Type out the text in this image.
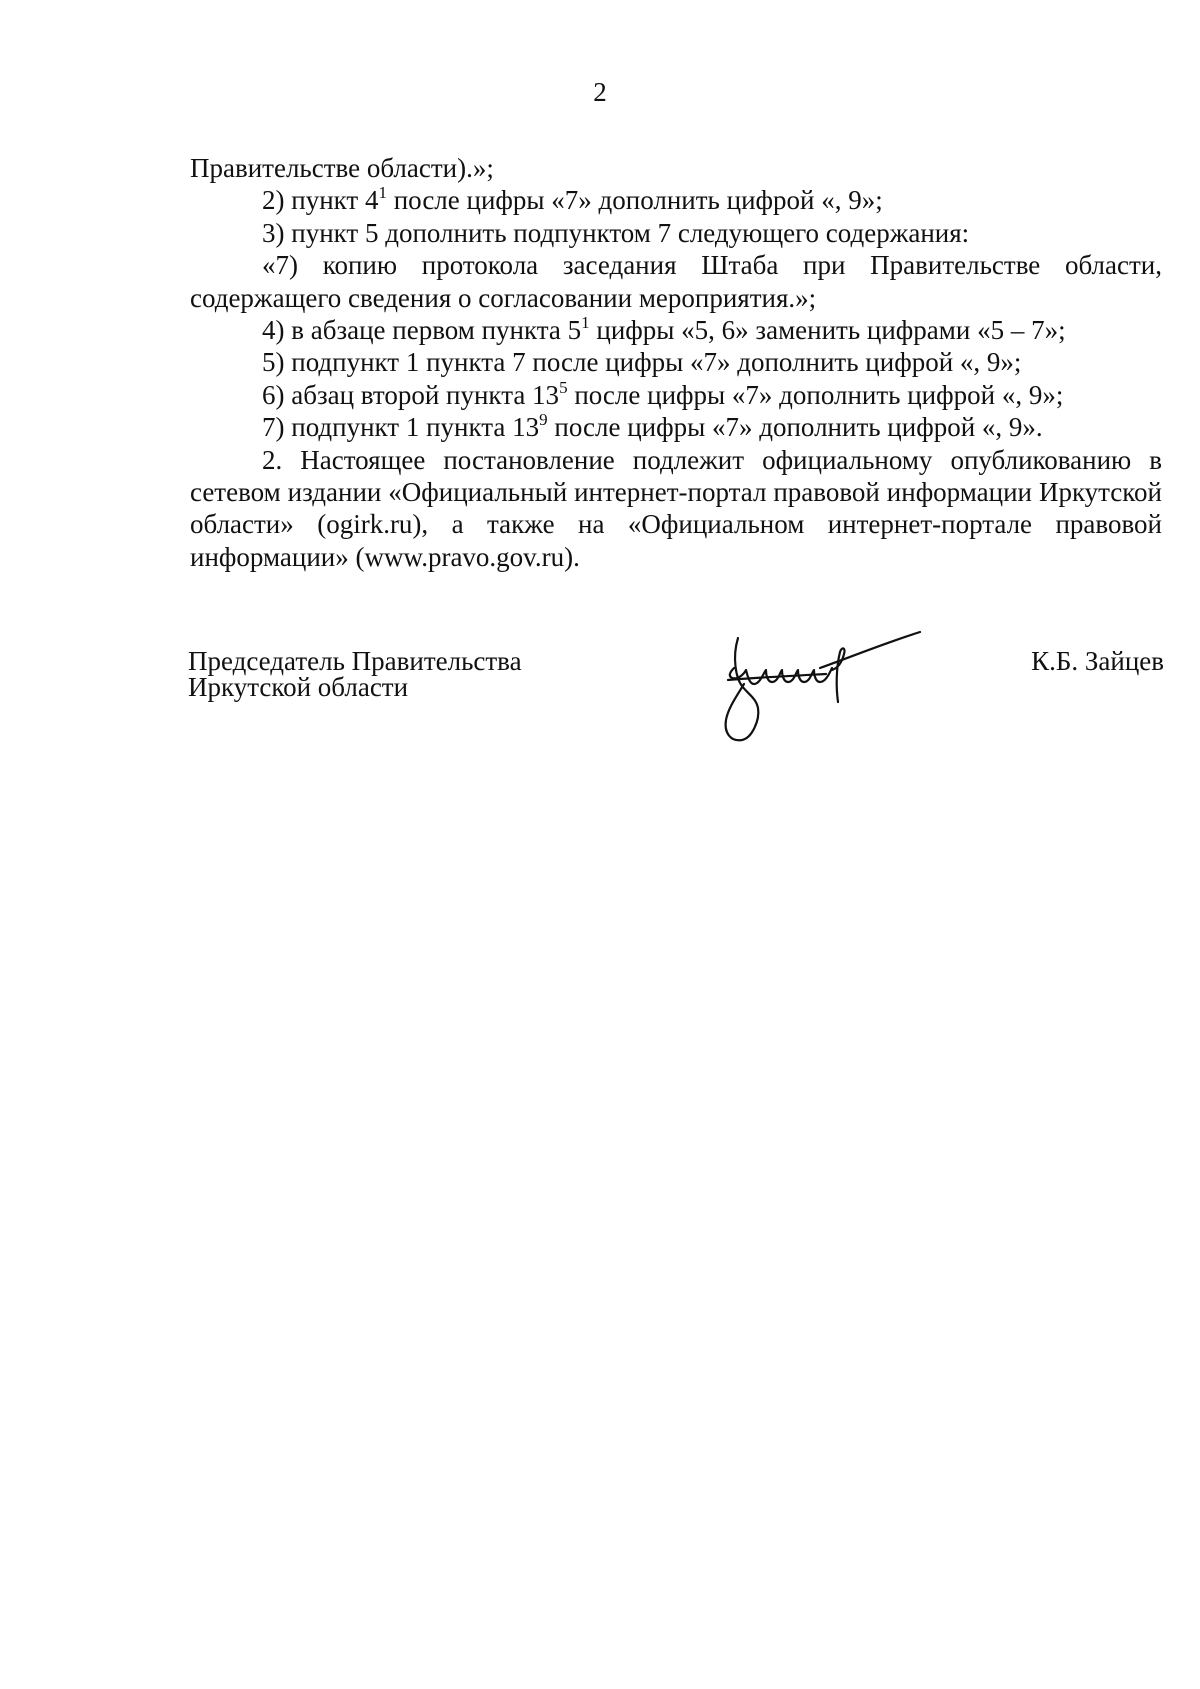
2

Правительстве области).»;

2) пункт $4^1$ после цифры «7» дополнить цифрой «, 9»;

3) пункт 5 дополнить подпунктом 7 следующего содержания:

«7) копию протокола заседания Штаба при Правительстве области, содержащего сведения о согласовании мероприятия.»;

4) в абзаце первом пункта $5^1$ цифры «5, 6» заменить цифрами «5 – 7»;

5) подпункт 1 пункта 7 после цифры «7» дополнить цифрой «, 9»;

6) абзац второй пункта $13^5$ после цифры «7» дополнить цифрой «, 9»;

7) подпункт 1 пункта $13^9$ после цифры «7» дополнить цифрой «, 9».

2. Настоящее постановление подлежит официальному опубликованию в сетевом издании «Официальный интернет-портал правовой информации Иркутской области» (ogirk.ru), а также на «Официальном интернет-портале правовой информации» (www.pravo.gov.ru).

Председатель Правительства
Иркутской области
К.Б. Зайцев
